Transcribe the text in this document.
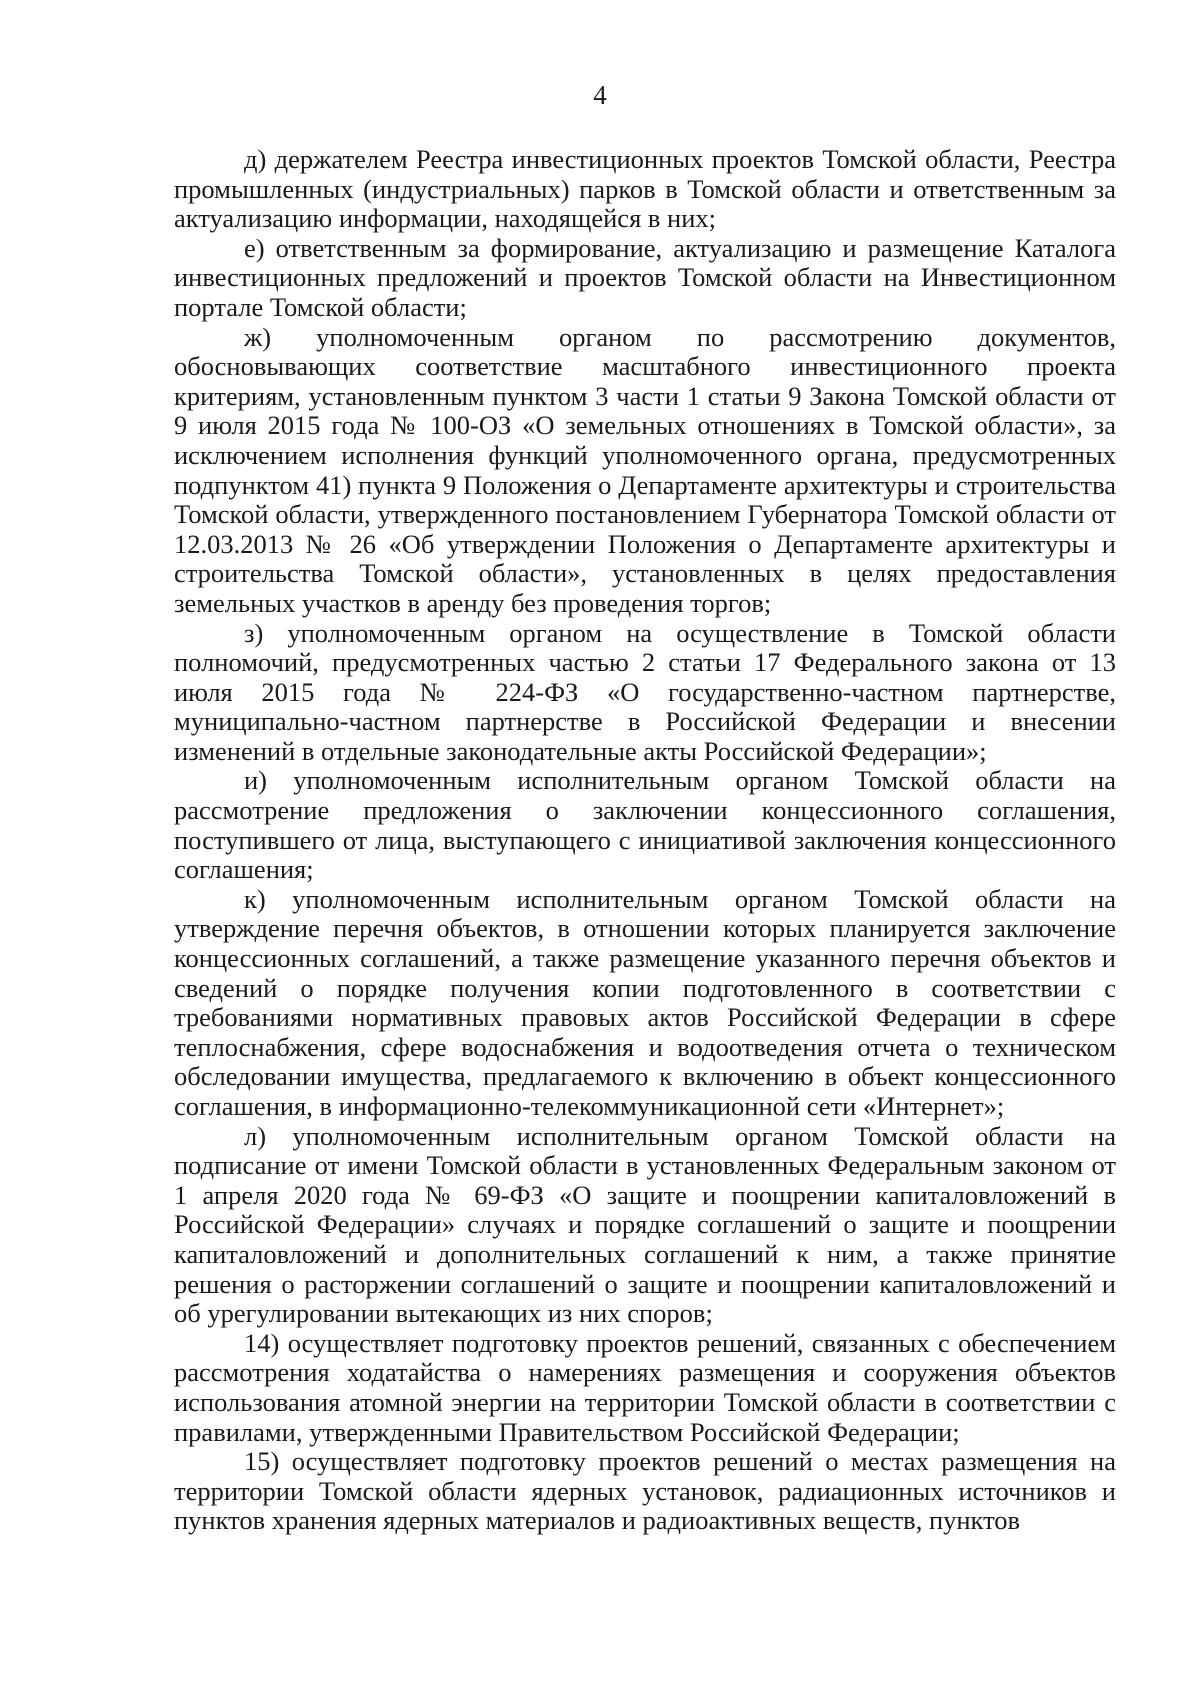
4

д) держателем Реестра инвестиционных проектов Томской области, Реестра промышленных (индустриальных) парков в Томской области и ответственным за актуализацию информации, находящейся в них;

е) ответственным за формирование, актуализацию и размещение Каталога инвестиционных предложений и проектов Томской области на Инвестиционном портале Томской области;

ж) уполномоченным органом по рассмотрению документов, обосновывающих соответствие масштабного инвестиционного проекта критериям, установленным пунктом 3 части 1 статьи 9 Закона Томской области от 9 июля 2015 года № 100-ОЗ «О земельных отношениях в Томской области», за исключением исполнения функций уполномоченного органа, предусмотренных подпунктом 41) пункта 9 Положения о Департаменте архитектуры и строительства Томской области, утвержденного постановлением Губернатора Томской области от 12.03.2013 № 26 «Об утверждении Положения о Департаменте архитектуры и строительства Томской области», установленных в целях предоставления земельных участков в аренду без проведения торгов;

з) уполномоченным органом на осуществление в Томской области полномочий, предусмотренных частью 2 статьи 17 Федерального закона от 13 июля 2015 года № 224-ФЗ «О государственно-частном партнерстве, муниципально-частном партнерстве в Российской Федерации и внесении изменений в отдельные законодательные акты Российской Федерации»;

и) уполномоченным исполнительным органом Томской области на рассмотрение предложения о заключении концессионного соглашения, поступившего от лица, выступающего с инициативой заключения концессионного соглашения;

к) уполномоченным исполнительным органом Томской области на утверждение перечня объектов, в отношении которых планируется заключение концессионных соглашений, а также размещение указанного перечня объектов и сведений о порядке получения копии подготовленного в соответствии с требованиями нормативных правовых актов Российской Федерации в сфере теплоснабжения, сфере водоснабжения и водоотведения отчета о техническом обследовании имущества, предлагаемого к включению в объект концессионного соглашения, в информационно-телекоммуникационной сети «Интернет»;

л) уполномоченным исполнительным органом Томской области на подписание от имени Томской области в установленных Федеральным законом от 1 апреля 2020 года № 69-ФЗ «О защите и поощрении капиталовложений в Российской Федерации» случаях и порядке соглашений о защите и поощрении капиталовложений и дополнительных соглашений к ним, а также принятие решения о расторжении соглашений о защите и поощрении капиталовложений и об урегулировании вытекающих из них споров;

14) осуществляет подготовку проектов решений, связанных с обеспечением рассмотрения ходатайства о намерениях размещения и сооружения объектов использования атомной энергии на территории Томской области в соответствии с правилами, утвержденными Правительством Российской Федерации;

15) осуществляет подготовку проектов решений о местах размещения на территории Томской области ядерных установок, радиационных источников и пунктов хранения ядерных материалов и радиоактивных веществ, пунктов
